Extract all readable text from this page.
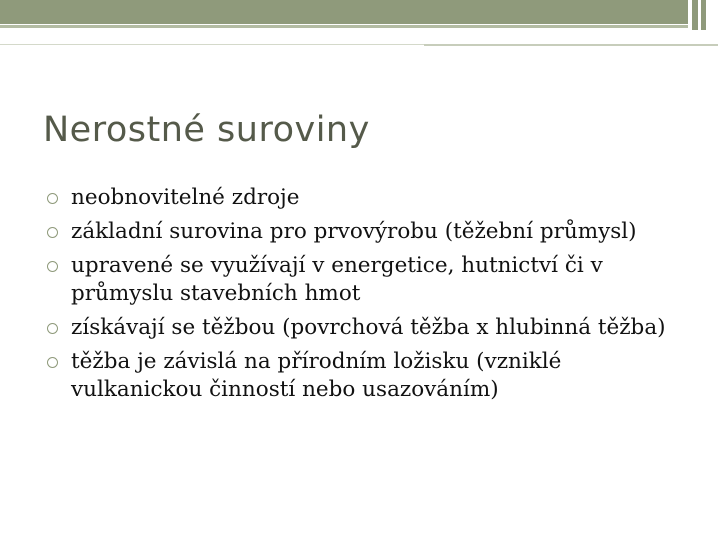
Nerostné suroviny
neobnovitelné zdroje
základní surovina pro prvovýrobu (těžební průmysl)
upravené se využívají v energetice, hutnictví či v průmyslu stavebních hmot
získávají se těžbou (povrchová těžba x hlubinná těžba)
těžba je závislá na přírodním ložisku (vzniklé vulkanickou činností nebo usazováním)
